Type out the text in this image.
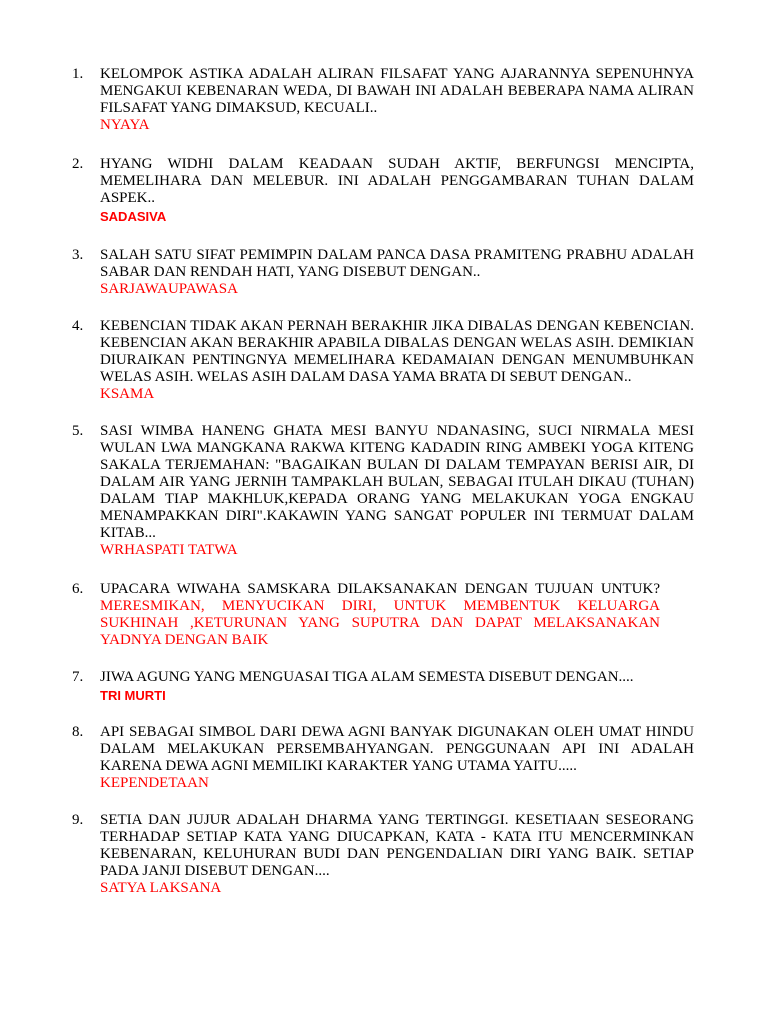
1. KELOMPOK ASTIKA ADALAH ALIRAN FILSAFAT YANG AJARANNYA SEPENUHNYA MENGAKUI KEBENARAN WEDA, DI BAWAH INI ADALAH BEBERAPA NAMA ALIRAN FILSAFAT YANG DIMAKSUD, KECUALI..
NYAYA
2. HYANG WIDHI DALAM KEADAAN SUDAH AKTIF, BERFUNGSI MENCIPTA, MEMELIHARA DAN MELEBUR. INI ADALAH PENGGAMBARAN TUHAN DALAM ASPEK..
SADASIVA
3. SALAH SATU SIFAT PEMIMPIN DALAM PANCA DASA PRAMITENG PRABHU ADALAH SABAR DAN RENDAH HATI, YANG DISEBUT DENGAN..
SARJAWAUPAWASA
4. KEBENCIAN TIDAK AKAN PERNAH BERAKHIR JIKA DIBALAS DENGAN KEBENCIAN. KEBENCIAN AKAN BERAKHIR APABILA DIBALAS DENGAN WELAS ASIH. DEMIKIAN DIURAIKAN PENTINGNYA MEMELIHARA KEDAMAIAN DENGAN MENUMBUHKAN WELAS ASIH. WELAS ASIH DALAM DASA YAMA BRATA DI SEBUT DENGAN..
KSAMA
5. SASI WIMBA HANENG GHATA MESI BANYU NDANASING, SUCI NIRMALA MESI WULAN LWA MANGKANA RAKWA KITENG KADADIN RING AMBEKI YOGA KITENG SAKALA TERJEMAHAN: "BAGAIKAN BULAN DI DALAM TEMPAYAN BERISI AIR, DI DALAM AIR YANG JERNIH TAMPAKLAH BULAN, SEBAGAI ITULAH DIKAU (TUHAN) DALAM TIAP MAKHLUK,KEPADA ORANG YANG MELAKUKAN YOGA ENGKAU MENAMPAKKAN DIRI".KAKAWIN YANG SANGAT POPULER INI TERMUAT DALAM KITAB...
WRHASPATI TATWA
6. UPACARA WIWAHA SAMSKARA DILAKSANAKAN DENGAN TUJUAN UNTUK? MERESMIKAN, MENYUCIKAN DIRI, UNTUK MEMBENTUK KELUARGA SUKHINAH ,KETURUNAN YANG SUPUTRA DAN DAPAT MELAKSANAKAN YADNYA DENGAN BAIK
7. JIWA AGUNG YANG MENGUASAI TIGA ALAM SEMESTA DISEBUT DENGAN....
TRI MURTI
8. API SEBAGAI SIMBOL DARI DEWA AGNI BANYAK DIGUNAKAN OLEH UMAT HINDU DALAM MELAKUKAN PERSEMBAHYANGAN. PENGGUNAAN API INI ADALAH KARENA DEWA AGNI MEMILIKI KARAKTER YANG UTAMA YAITU.....
KEPENDETAAN
9. SETIA DAN JUJUR ADALAH DHARMA YANG TERTINGGI. KESETIAAN SESEORANG TERHADAP SETIAP KATA YANG DIUCAPKAN, KATA - KATA ITU MENCERMINKAN KEBENARAN, KELUHURAN BUDI DAN PENGENDALIAN DIRI YANG BAIK. SETIAP PADA JANJI DISEBUT DENGAN....
SATYA LAKSANA
